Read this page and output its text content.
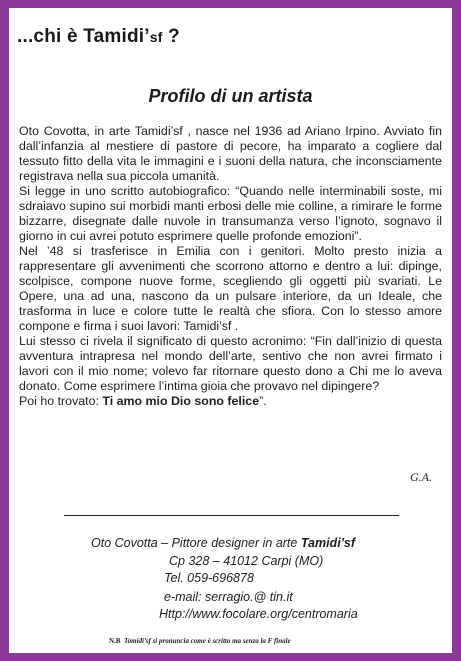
...chi è Tamidi’sf ?
Profilo di un artista

Oto Covotta, in arte Tamidi’sf , nasce nel 1936 ad Ariano Irpino. Avviato fin dall’infanzia al mestiere di pastore di pecore, ha imparato a cogliere dal tessuto fitto della vita le immagini e i suoni della natura, che inconsciamente registrava nella sua piccola umanità.

Si legge in uno scritto autobiografico: “Quando nelle interminabili soste, mi sdraiavo supino sui morbidi manti erbosi delle mie colline, a rimirare le forme bizzarre, disegnate dalle nuvole in transumanza verso l’ignoto, sognavo il giorno in cui avrei potuto esprimere quelle profonde emozioni”.

Nel ’48 si trasferisce in Emilia con i genitori. Molto presto inizia a rappresentare gli avvenimenti che scorrono attorno e dentro a lui: dipinge, scolpisce, compone nuove forme, scegliendo gli oggetti più svariati. Le Opere, una ad una, nascono da un pulsare interiore, da un Ideale, che trasforma in luce e colore tutte le realtà che sfiora. Con lo stesso amore compone e firma i suoi lavori: Tamidi’sf .

Lui stesso ci rivela il significato di questo acronimo: “Fin dall’inizio di questa avventura intrapresa nel mondo dell’arte, sentivo che non avrei firmato i lavori con il mio nome; volevo far ritornare questo dono a Chi me lo aveva donato. Come esprimere l’intima gioia che provavo nel dipingere?

Poi ho trovato: Ti amo mio Dio sono felice”.

G.A.
Oto Covotta – Pittore designer in arte Tamidi’sf
Cp 328 – 41012 Carpi (MO)
Tel. 059-696878
e-mail: serragio.@ tin.it
Http://www.focolare.org/centromaria
N.B Tamidi’sf si pronuncia come è scritto ma senza la F finale
